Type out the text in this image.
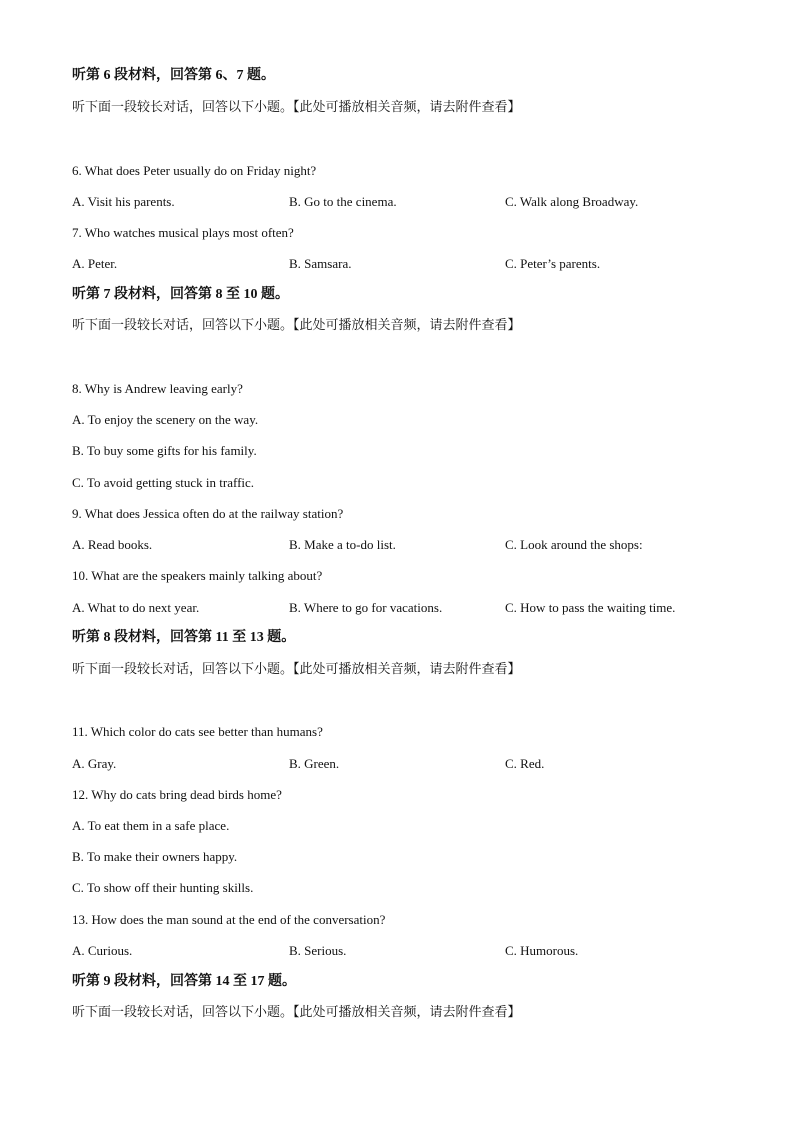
听第 6 段材料，回答第 6、7 题。
听下面一段较长对话，回答以下小题。【此处可播放相关音频，请去附件查看】
6. What does Peter usually do on Friday night?
A. Visit his parents.	B. Go to the cinema.	C. Walk along Broadway.
7. Who watches musical plays most often?
A. Peter.	B. Samsara.	C. Peter’s parents.
听第 7 段材料，回答第 8 至 10 题。
听下面一段较长对话，回答以下小题。【此处可播放相关音频，请去附件查看】
8. Why is Andrew leaving early?
A. To enjoy the scenery on the way.
B. To buy some gifts for his family.
C. To avoid getting stuck in traffic.
9. What does Jessica often do at the railway station?
A. Read books.	B. Make a to-do list.	C. Look around the shops:
10. What are the speakers mainly talking about?
A. What to do next year.	B. Where to go for vacations.	C. How to pass the waiting time.
听第 8 段材料，回答第 11 至 13 题。
听下面一段较长对话，回答以下小题。【此处可播放相关音频，请去附件查看】
11. Which color do cats see better than humans?
A. Gray.	B. Green.	C. Red.
12. Why do cats bring dead birds home?
A. To eat them in a safe place.
B. To make their owners happy.
C. To show off their hunting skills.
13. How does the man sound at the end of the conversation?
A. Curious.	B. Serious.	C. Humorous.
听第 9 段材料，回答第 14 至 17 题。
听下面一段较长对话，回答以下小题。【此处可播放相关音频，请去附件查看】
